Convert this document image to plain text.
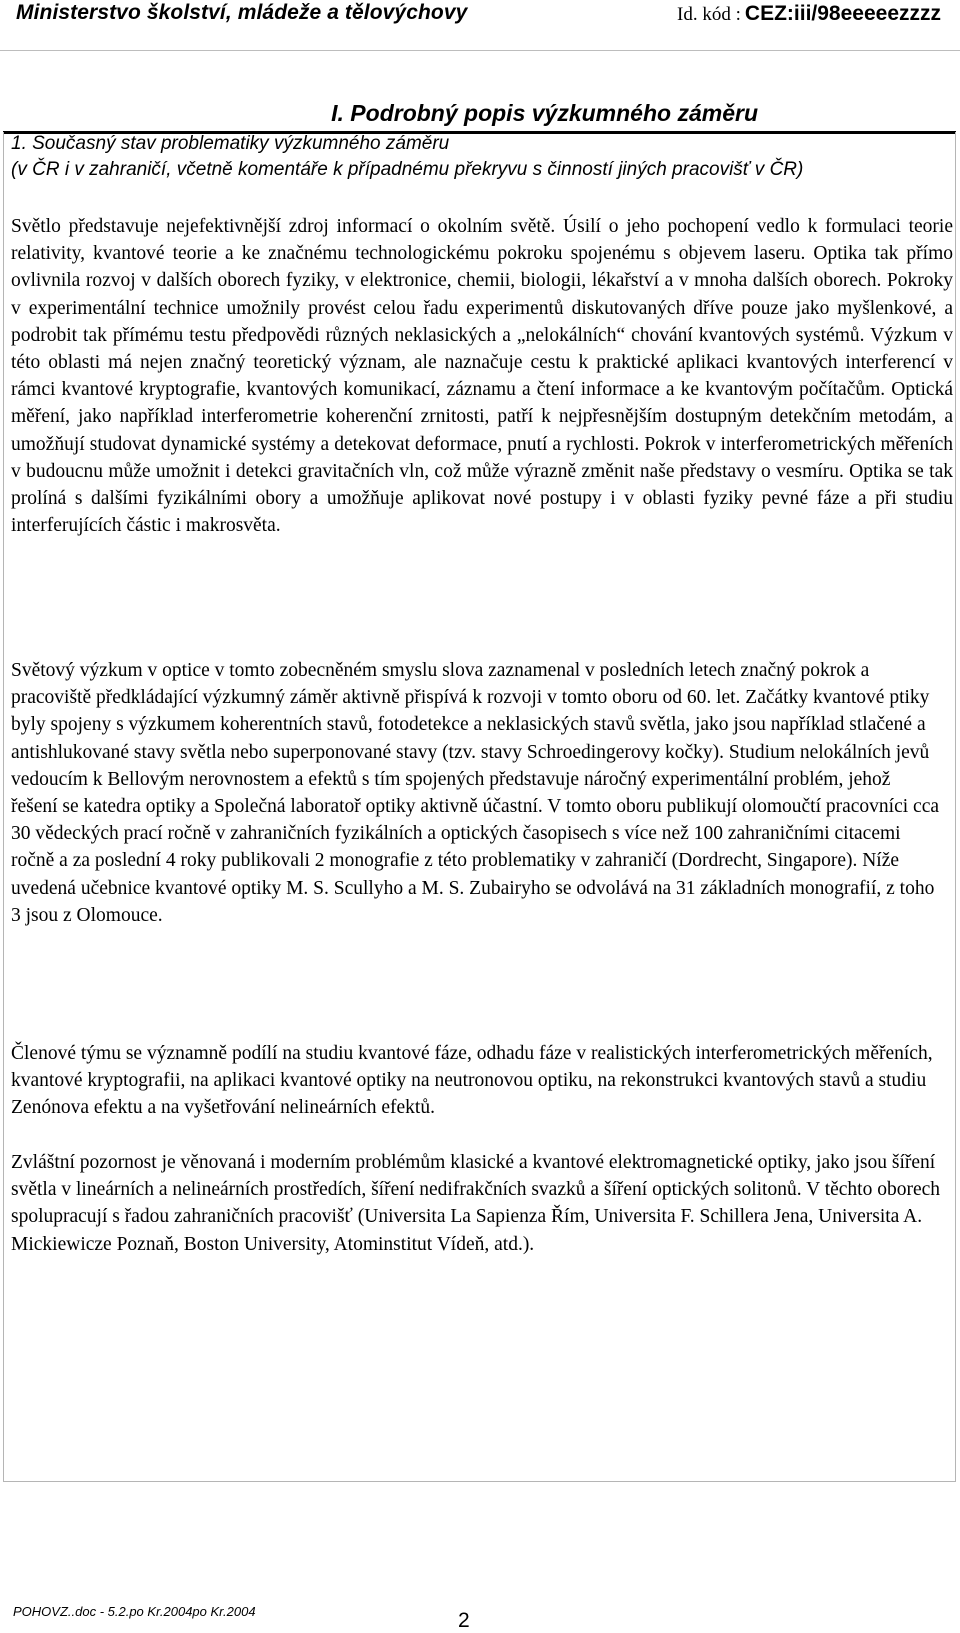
Ministerstvo školství, mládeže a tělovýchovy	Id. kód : CEZ:iii/98eeeeezzzz
I. Podrobný popis výzkumného záměru
1. Současný stav problematiky výzkumného záměru
(v ČR i v zahraničí, včetně komentáře k případnému překryvu s činností jiných pracovišť v ČR)
Světlo představuje nejefektivnější zdroj informací o okolním světě. Úsilí o jeho pochopení vedlo k formulaci teorie relativity, kvantové teorie a ke značnému technologickému pokroku spojenému s objevem laseru. Optika tak přímo ovlivnila rozvoj v dalších oborech fyziky, v elektronice, chemii, biologii, lékařství a v mnoha dalších oborech. Pokroky v experimentální technice umožnily provést celou řadu experimentů diskutovaných dříve pouze jako myšlenkové, a podrobit tak přímému testu předpovědi různých neklasických a „nelokálních“ chování kvantových systémů. Výzkum v této oblasti má nejen značný teoretický význam, ale naznačuje cestu k praktické aplikaci kvantových interferencí v rámci kvantové kryptografie, kvantových komunikací, záznamu a čtení informace a ke kvantovým počítačům. Optická měření, jako například interferometrie koherenční zrnitosti, patří k nejpřesnějším dostupným detekčním metodám, a umožňují studovat dynamické systémy a detekovat deformace, pnutí a rychlosti. Pokrok v interferometrických měřeních v budoucnu může umožnit i detekci gravitačních vln, což může výrazně změnit naše představy o vesmíru. Optika se tak prolíná s dalšími fyzikálními obory a umožňuje aplikovat nové postupy i v oblasti fyziky pevné fáze a při studiu interferujících částic i makrosvěta.
Světový výzkum v optice v tomto zobecněném smyslu slova zaznamenal v posledních letech značný pokrok a pracoviště předkládající výzkumný záměr aktivně přispívá k rozvoji v tomto oboru od 60. let. Začátky kvantové ptiky byly spojeny s výzkumem koherentních stavů, fotodetekce a neklasických stavů světla, jako jsou například stlačené a antishlukované stavy světla nebo superponované stavy (tzv. stavy Schroedingerovy kočky). Studium nelokálních jevů vedoucím k Bellovým nerovnostem a efektů s tím spojených představuje náročný experimentální problém, jehož řešení se katedra optiky a Společná laboratoř optiky aktivně účastní. V tomto oboru publikují olomoučtí pracovníci cca 30 vědeckých prací ročně v zahraničních fyzikálních a optických časopisech s více než 100 zahraničními citacemi ročně a za poslední 4 roky publikovali 2 monografie z této problematiky v zahraničí (Dordrecht, Singapore). Níže uvedená učebnice kvantové optiky M. S. Scullyho a M. S. Zubairyho se odvolává na 31 základních monografií, z toho 3 jsou z Olomouce.
Členové týmu se významně podílí na studiu kvantové fáze, odhadu fáze v realistických interferometrických měřeních, kvantové kryptografii, na aplikaci kvantové optiky na neutronovou optiku, na rekonstrukci kvantových stavů a studiu Zenónova efektu a na vyšetřování nelineárních efektů.
Zvláštní pozornost je věnovaná i moderním problémům klasické a kvantové elektromagnetické optiky, jako jsou šíření světla v lineárních a nelineárních prostředích, šíření nedifrakčních svazků a šíření optických solitonů. V těchto oborech spolupracují s řadou zahraničních pracovišť (Universita La Sapienza Řím, Universita F. Schillera Jena, Universita A. Mickiewicze Poznaň, Boston University, Atominstitut Vídeň, atd.).
POHOVZ..doc - 5.2.po Kr.2004po Kr.2004	2
